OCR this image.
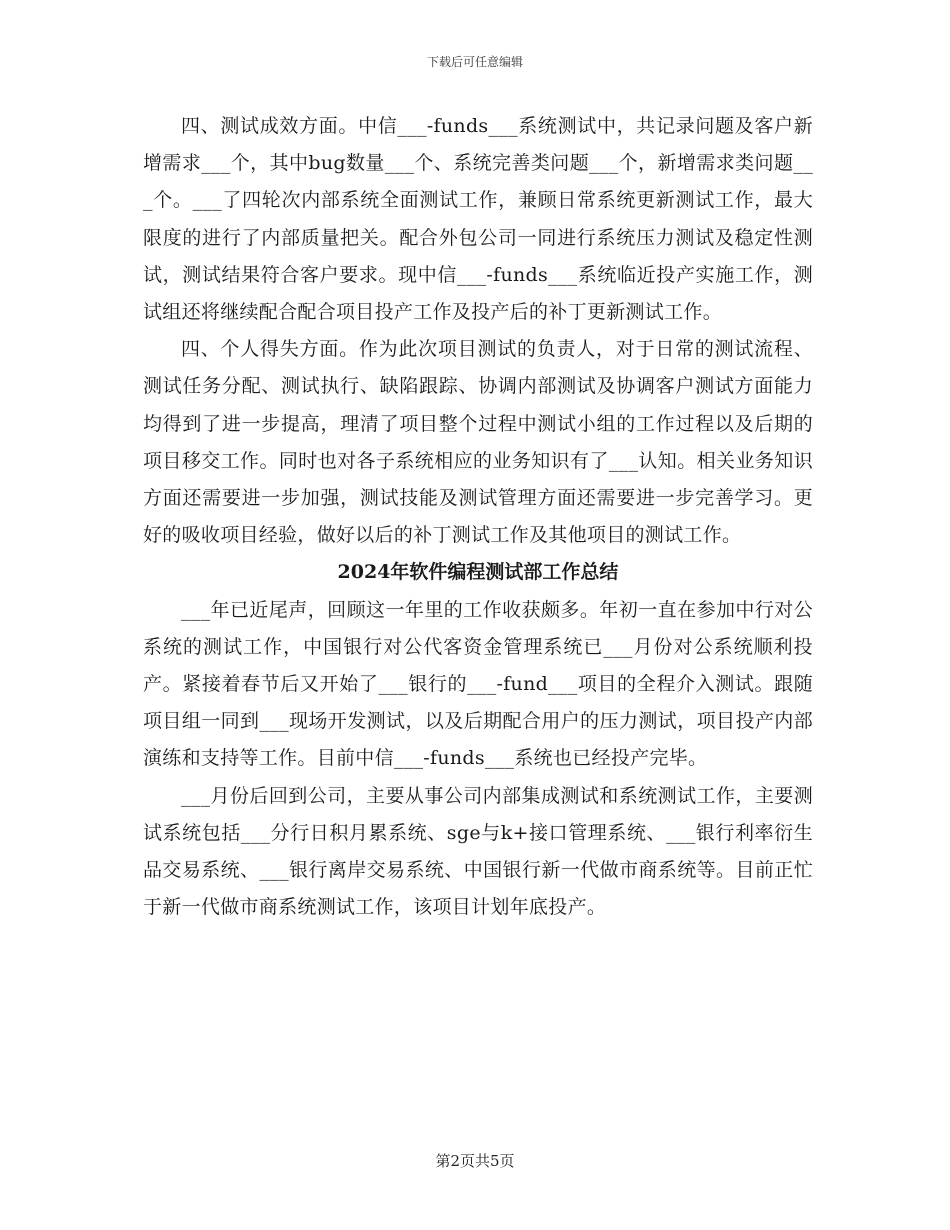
下载后可任意编辑

四、测试成效方面。中信___-funds___系统测试中，共记录问题及客户新增需求___个，其中bug数量___个、系统完善类问题___个，新增需求类问题___个。___了四轮次内部系统全面测试工作，兼顾日常系统更新测试工作，最大限度的进行了内部质量把关。配合外包公司一同进行系统压力测试及稳定性测试，测试结果符合客户要求。现中信___-funds___系统临近投产实施工作，测试组还将继续配合配合项目投产工作及投产后的补丁更新测试工作。

四、个人得失方面。作为此次项目测试的负责人，对于日常的测试流程、测试任务分配、测试执行、缺陷跟踪、协调内部测试及协调客户测试方面能力均得到了进一步提高，理清了项目整个过程中测试小组的工作过程以及后期的项目移交工作。同时也对各子系统相应的业务知识有了___认知。相关业务知识方面还需要进一步加强，测试技能及测试管理方面还需要进一步完善学习。更好的吸收项目经验，做好以后的补丁测试工作及其他项目的测试工作。

2024年软件编程测试部工作总结

___年已近尾声，回顾这一年里的工作收获颇多。年初一直在参加中行对公系统的测试工作，中国银行对公代客资金管理系统已___月份对公系统顺利投产。紧接着春节后又开始了___银行的___-fund___项目的全程介入测试。跟随项目组一同到___现场开发测试，以及后期配合用户的压力测试，项目投产内部演练和支持等工作。目前中信___-funds___系统也已经投产完毕。

___月份后回到公司，主要从事公司内部集成测试和系统测试工作，主要测试系统包括___分行日积月累系统、sge与k+接口管理系统、___银行利率衍生品交易系统、___银行离岸交易系统、中国银行新一代做市商系统等。目前正忙于新一代做市商系统测试工作，该项目计划年底投产。

第2页共5页
